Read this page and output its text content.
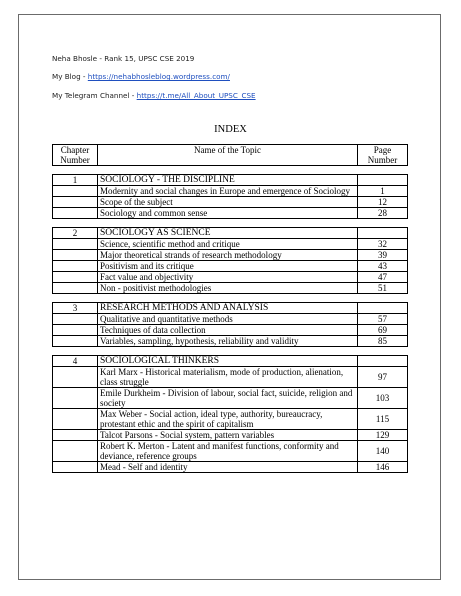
Neha Bhosle - Rank 15, UPSC CSE 2019
My Blog - https://nehabhosleblog.wordpress.com/
My Telegram Channel - https://t.me/All_About_UPSC_CSE
INDEX
Chapter Number	Name of the Topic	Page Number

1	SOCIOLOGY - THE DISCIPLINE	
	Modernity and social changes in Europe and emergence of Sociology	1
	Scope of the subject	12
	Sociology and common sense	28

2	SOCIOLOGY AS SCIENCE	
	Science, scientific method and critique	32
	Major theoretical strands of research methodology	39
	Positivism and its critique	43
	Fact value and objectivity	47
	Non - positivist methodologies	51

3	RESEARCH METHODS AND ANALYSIS	
	Qualitative and quantitative methods	57
	Techniques of data collection	69
	Variables, sampling, hypothesis, reliability and validity	85

4	SOCIOLOGICAL THINKERS	
	Karl Marx - Historical materialism, mode of production, alienation, class struggle	97
	Emile Durkheim - Division of labour, social fact, suicide, religion and society	103
	Max Weber - Social action, ideal type, authority, bureaucracy, protestant ethic and the spirit of capitalism	115
	Talcot Parsons - Social system, pattern variables	129
	Robert K. Merton - Latent and manifest functions, conformity and deviance, reference groups	140
	Mead - Self and identity	146
